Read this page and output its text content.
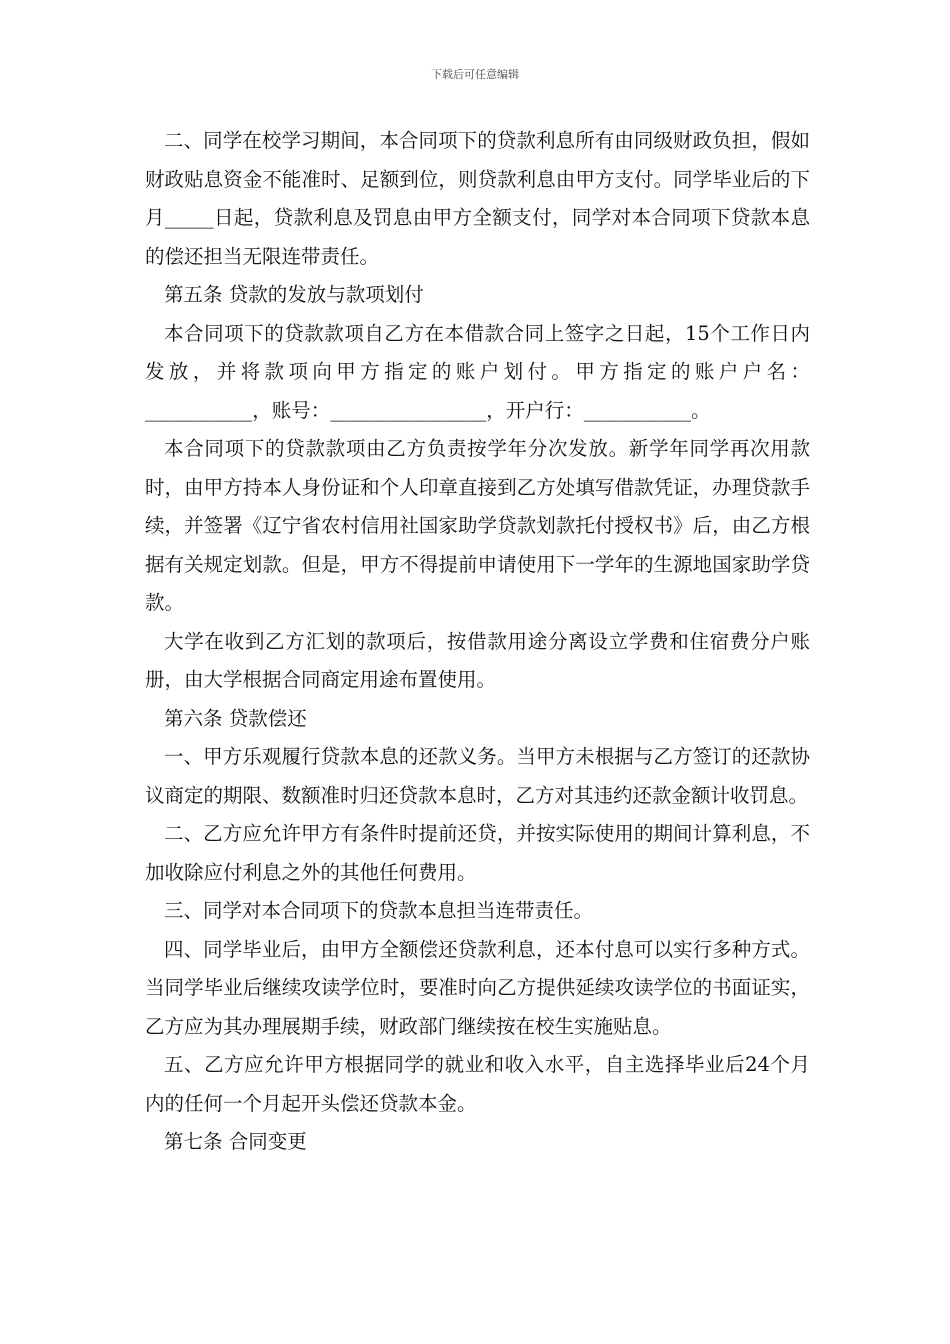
下载后可任意编辑

二、同学在校学习期间，本合同项下的贷款利息所有由同级财政负担，假如财政贴息资金不能准时、足额到位，则贷款利息由甲方支付。同学毕业后的下月_____日起，贷款利息及罚息由甲方全额支付，同学对本合同项下贷款本息的偿还担当无限连带责任。

第五条 贷款的发放与款项划付

本合同项下的贷款款项自乙方在本借款合同上签字之日起，15个工作日内发放，并将款项向甲方指定的账户划付。甲方指定的账户户名：___________，账号：________________，开户行：___________。

本合同项下的贷款款项由乙方负责按学年分次发放。新学年同学再次用款时，由甲方持本人身份证和个人印章直接到乙方处填写借款凭证，办理贷款手续，并签署《辽宁省农村信用社国家助学贷款划款托付授权书》后，由乙方根据有关规定划款。但是，甲方不得提前申请使用下一学年的生源地国家助学贷款。

大学在收到乙方汇划的款项后，按借款用途分离设立学费和住宿费分户账册，由大学根据合同商定用途布置使用。

第六条 贷款偿还

一、甲方乐观履行贷款本息的还款义务。当甲方未根据与乙方签订的还款协议商定的期限、数额准时归还贷款本息时，乙方对其违约还款金额计收罚息。

二、乙方应允许甲方有条件时提前还贷，并按实际使用的期间计算利息，不加收除应付利息之外的其他任何费用。

三、同学对本合同项下的贷款本息担当连带责任。

四、同学毕业后，由甲方全额偿还贷款利息，还本付息可以实行多种方式。当同学毕业后继续攻读学位时，要准时向乙方提供延续攻读学位的书面证实，乙方应为其办理展期手续，财政部门继续按在校生实施贴息。

五、乙方应允许甲方根据同学的就业和收入水平，自主选择毕业后24个月内的任何一个月起开头偿还贷款本金。

第七条 合同变更
